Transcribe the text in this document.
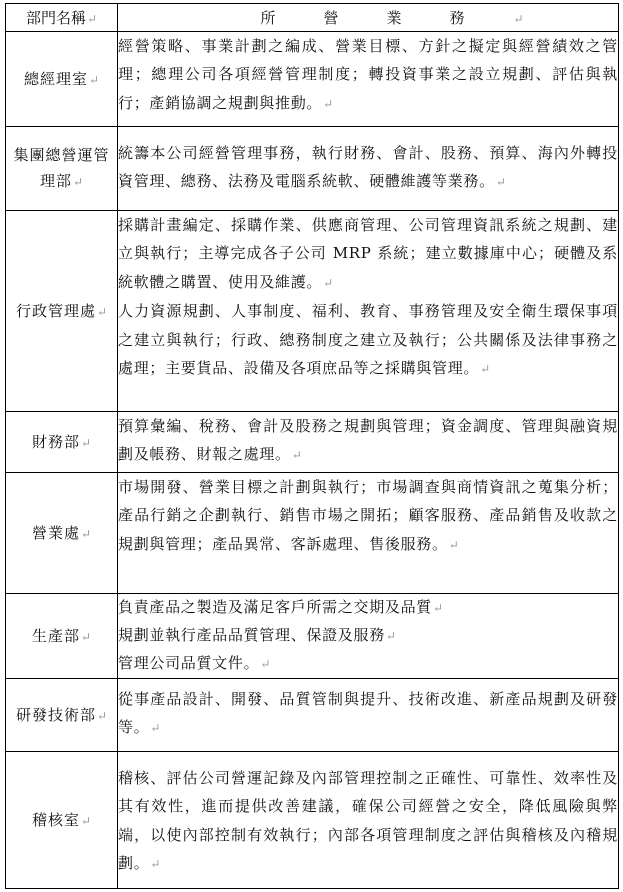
部門名稱↵	所營業務↵
總經理室↵	經營策略、事業計劃之編成、營業目標、方針之擬定與經營績效之管理；總理公司各項經營管理制度；轉投資事業之設立規劃、評估與執行；產銷協調之規劃與推動。↵

集團總營運管理部↵	統籌本公司經營管理事務，執行財務、會計、股務、預算、海內外轉投資管理、總務、法務及電腦系統軟、硬體維護等業務。↵

行政管理處↵	採購計畫編定、採購作業、供應商管理、公司管理資訊系統之規劃、建立與執行；主導完成各子公司 MRP 系統；建立數據庫中心；硬體及系統軟體之購置、使用及維護。↵

人力資源規劃、人事制度、福利、教育、事務管理及安全衛生環保事項之建立與執行；行政、總務制度之建立及執行；公共關係及法律事務之處理；主要貨品、設備及各項庶品等之採購與管理。↵

財務部↵	預算彙編、稅務、會計及股務之規劃與管理；資金調度、管理與融資規劃及帳務、財報之處理。↵

營業處↵	市場開發、營業目標之計劃與執行；市場調查與商情資訊之蒐集分析；產品行銷之企劃執行、銷售市場之開拓；顧客服務、產品銷售及收款之規劃與管理；產品異常、客訴處理、售後服務。↵

生產部↵	負責產品之製造及滿足客戶所需之交期及品質↵

規劃並執行產品品質管理、保證及服務↵

管理公司品質文件。↵

研發技術部↵	從事產品設計、開發、品質管制與提升、技術改進、新產品規劃及研發等。↵

稽核室↵	稽核、評估公司營運記錄及內部管理控制之正確性、可靠性、效率性及其有效性，進而提供改善建議，確保公司經營之安全，降低風險與弊端，以使內部控制有效執行；內部各項管理制度之評估與稽核及內稽規劃。↵
